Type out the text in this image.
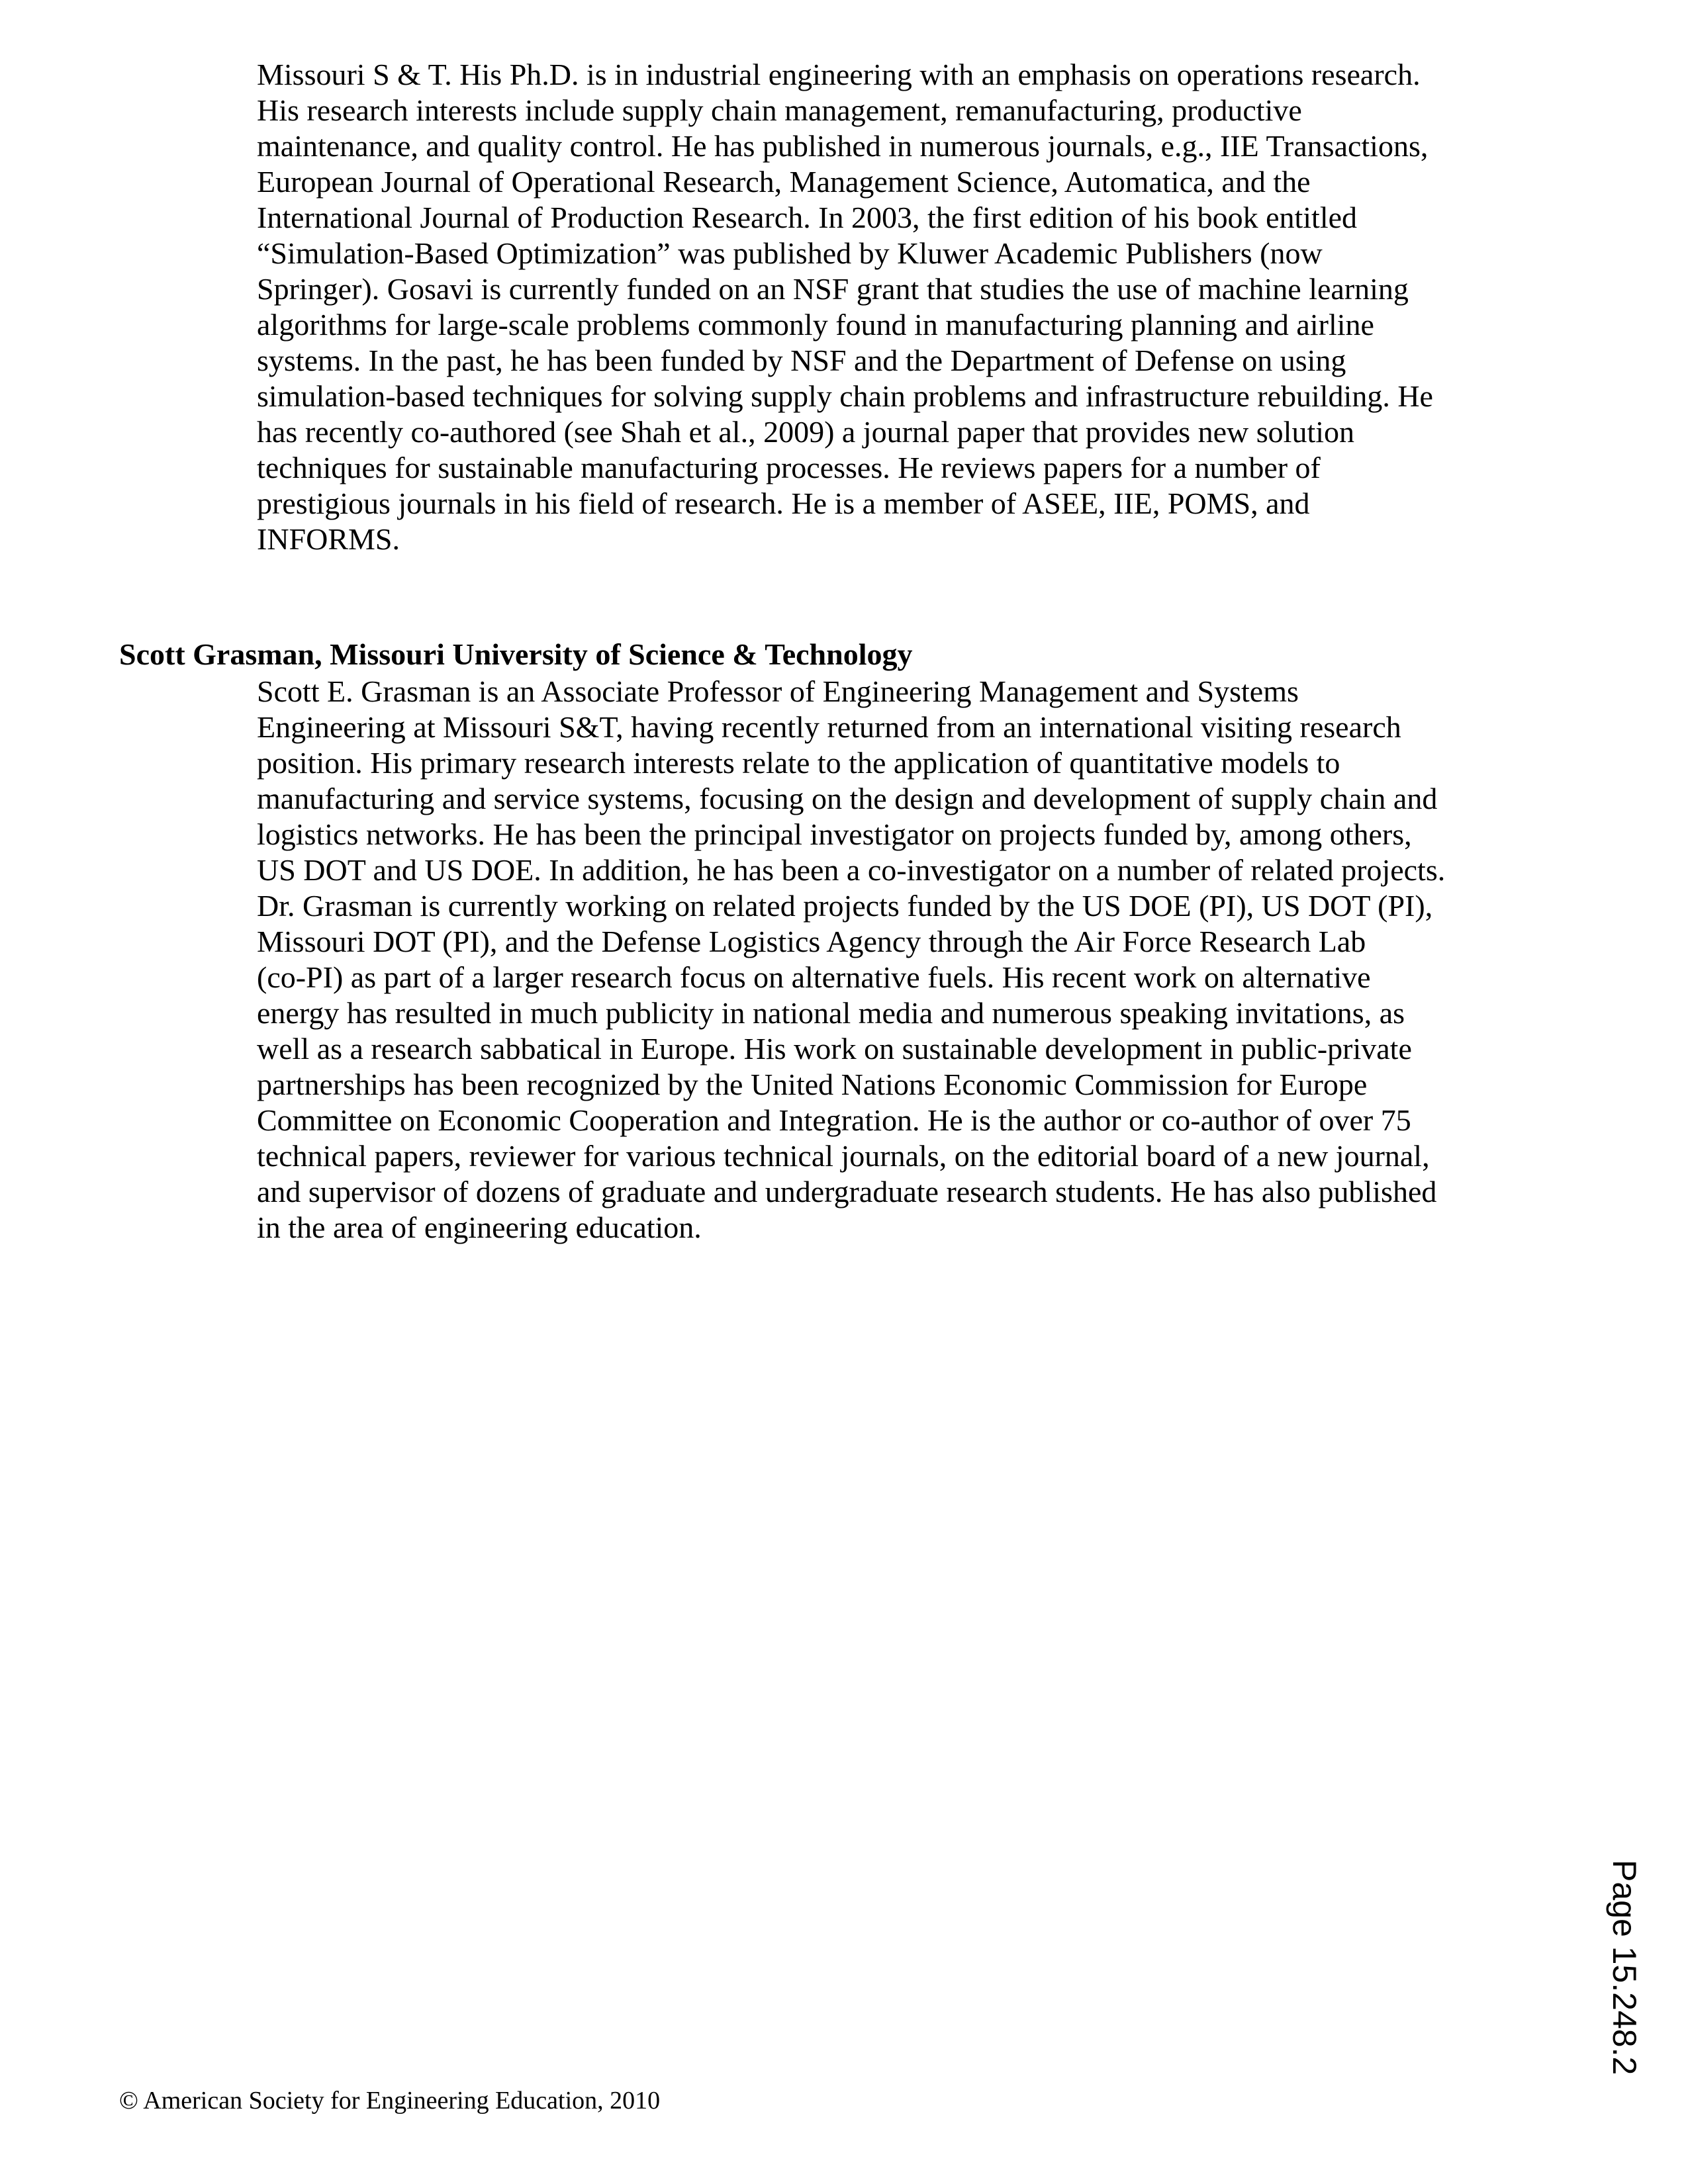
Missouri S & T. His Ph.D. is in industrial engineering with an emphasis on operations research.
His research interests include supply chain management, remanufacturing, productive
maintenance, and quality control. He has published in numerous journals, e.g., IIE Transactions,
European Journal of Operational Research, Management Science, Automatica, and the
International Journal of Production Research. In 2003, the first edition of his book entitled
“Simulation-Based Optimization” was published by Kluwer Academic Publishers (now
Springer). Gosavi is currently funded on an NSF grant that studies the use of machine learning
algorithms for large-scale problems commonly found in manufacturing planning and airline
systems. In the past, he has been funded by NSF and the Department of Defense on using
simulation-based techniques for solving supply chain problems and infrastructure rebuilding. He
has recently co-authored (see Shah et al., 2009) a journal paper that provides new solution
techniques for sustainable manufacturing processes. He reviews papers for a number of
prestigious journals in his field of research. He is a member of ASEE, IIE, POMS, and
INFORMS.
Scott Grasman, Missouri University of Science & Technology
Scott E. Grasman is an Associate Professor of Engineering Management and Systems
Engineering at Missouri S&T, having recently returned from an international visiting research
position. His primary research interests relate to the application of quantitative models to
manufacturing and service systems, focusing on the design and development of supply chain and
logistics networks. He has been the principal investigator on projects funded by, among others,
US DOT and US DOE. In addition, he has been a co-investigator on a number of related projects.
Dr. Grasman is currently working on related projects funded by the US DOE (PI), US DOT (PI),
Missouri DOT (PI), and the Defense Logistics Agency through the Air Force Research Lab
(co-PI) as part of a larger research focus on alternative fuels. His recent work on alternative
energy has resulted in much publicity in national media and numerous speaking invitations, as
well as a research sabbatical in Europe. His work on sustainable development in public-private
partnerships has been recognized by the United Nations Economic Commission for Europe
Committee on Economic Cooperation and Integration. He is the author or co-author of over 75
technical papers, reviewer for various technical journals, on the editorial board of a new journal,
and supervisor of dozens of graduate and undergraduate research students. He has also published
in the area of engineering education.
Page 15.248.2
© American Society for Engineering Education, 2010
